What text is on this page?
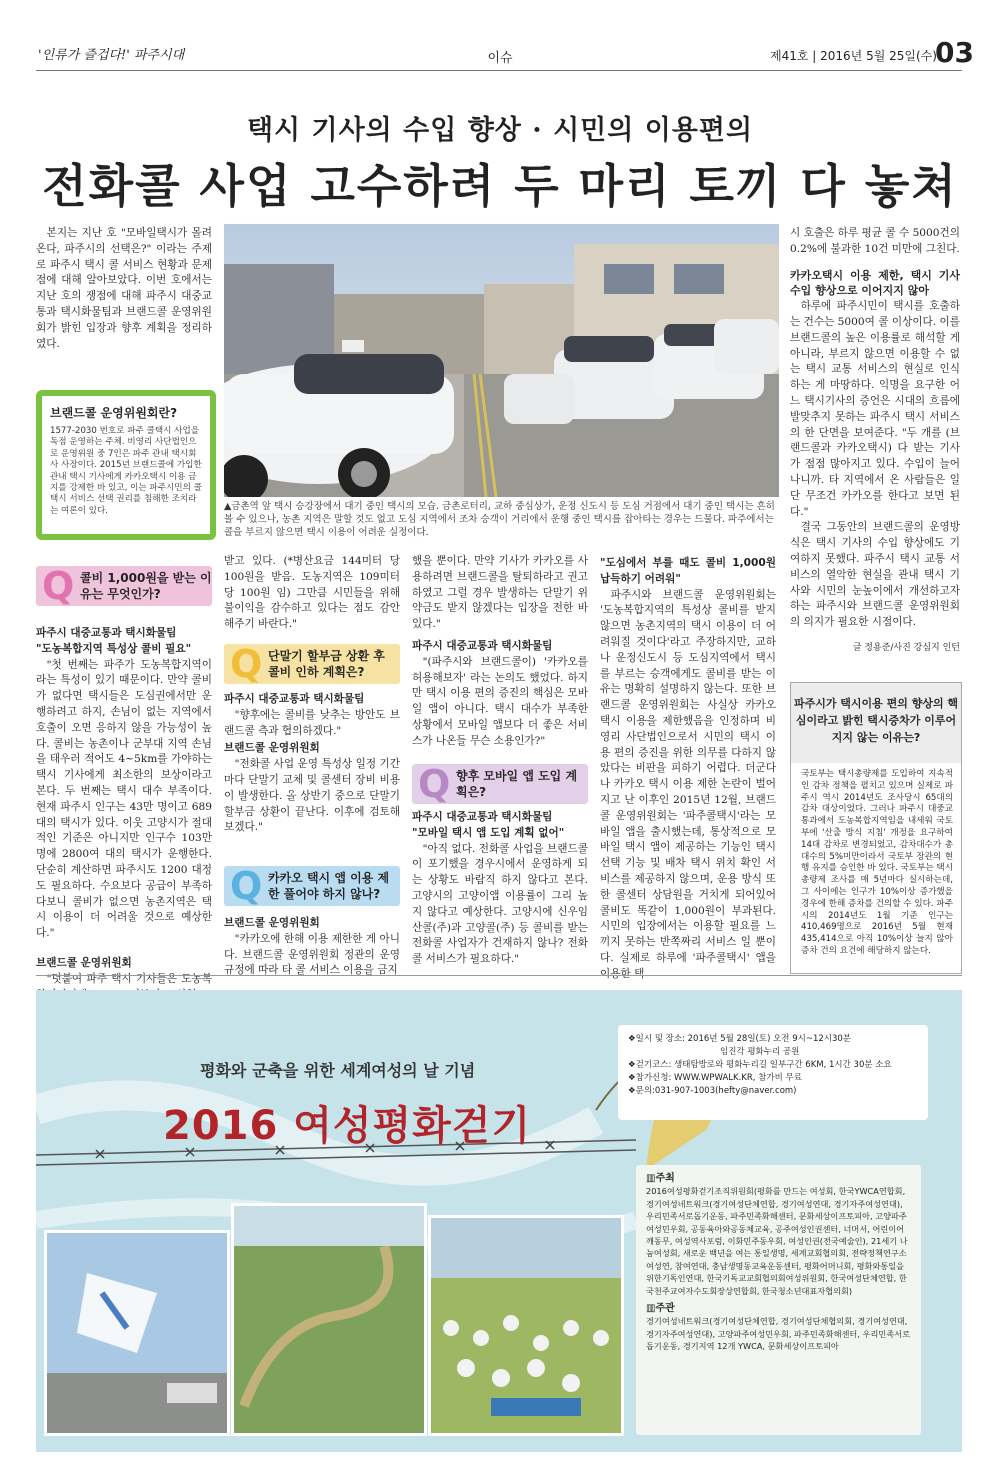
'인류가 즐겁다!' 파주시대	이슈	제41호 | 2016년 5월 25일(수)
03
택시 기사의 수입 향상 · 시민의 이용편의
전화콜 사업 고수하려 두 마리 토끼 다 놓쳐

본지는 지난 호 "모바일택시가 몰려온다, 파주시의 선택은?" 이라는 주제로 파주시 택시 콜 서비스 현황과 문제점에 대해 알아보았다. 이번 호에서는 지난 호의 쟁점에 대해 파주시 대중교통과 택시화물팀과 브랜드콜 운영위원회가 밝힌 입장과 향후 계획을 정리하였다.

▲금촌역 앞 택시 승강장에서 대기 중인 택시의 모습. 금촌로터리, 교하 중심상가, 운정 신도시 등 도심 거점에서 대기 중인 택시는 흔히 볼 수 있으나, 농촌 지역은 말할 것도 없고 도심 지역에서 조차 승객이 거리에서 운행 중인 택시를 잡아타는 경우는 드물다. 파주에서는 콜을 부르지 않으면 택시 이용이 어려운 실정이다.
브랜드콜 운영위원회란?
1577-2030 번호로 파주 콜택시 사업을 독점 운영하는 주체. 비영리 사단법인으로 운영위원 중 7인은 파주 관내 택시회사 사장이다. 2015년 브랜드콜에 가입한 관내 택시 기사에게 카카오택시 이용 금지를 강제한 바 있고, 이는 파주시민의 콜택시 서비스 선택 권리를 침해한 조치라는 여론이 있다.
Q 콜비 1,000원을 받는 이유는 무엇인가?
파주시 대중교통과 택시화물팀
"도농복합지역 특성상 콜비 필요"

"첫 번째는 파주가 도농복합지역이라는 특성이 있기 때문이다. 만약 콜비가 없다면 택시들은 도심권에서만 운행하려고 하지, 손님이 없는 지역에서 호출이 오면 응하지 않을 가능성이 높다. 콜비는 농촌이나 군부대 지역 손님을 태우러 적어도 4~5km를 가야하는 택시 기사에게 최소한의 보상이라고 본다. 두 번째는 택시 대수 부족이다. 현재 파주시 인구는 43만 명이고 689대의 택시가 있다. 이웃 고양시가 절대적인 기준은 아니지만 인구수 103만 명에 2800여 대의 택시가 운행한다. 단순히 계산하면 파주시도 1200 대정도 필요하다. 수요보다 공급이 부족하다보니 콜비가 없으면 농촌지역은 택시 이용이 더 어려울 것으로 예상한다."

브랜드콜 운영위원회

"덧붙여 파주 택시 기사들은 도농복

받고 있다. (*병산요금 144미터 당 100원을 받음. 도농지역은 109미터 당 100원 임) 그만큼 시민들을 위해 불이익을 감수하고 있다는 점도 감안해주기 바란다."

Q 단말기 할부금 상환 후 콜비 인하 계획은?
파주시 대중교통과 택시화물팀

"향후에는 콜비를 낮추는 방안도 브랜드콜 측과 협의하겠다."

브랜드콜 운영위원회

"전화콜 사업 운영 특성상 일정 기간마다 단말기 교체 및 콜센터 장비 비용이 발생한다. 올 상반기 중으로 단말기 할부금 상환이 끝난다. 이후에 검토해 보겠다."

Q 카카오 택시 앱 이용 제한 풀어야 하지 않나?
브랜드콜 운영위원회

"카카오에 한해 이용 제한한 게 아니다. 브랜드콜 운영위원회 정관의 운영 규정에 따라 타 콜 서비스 이용을 금지

했을 뿐이다. 만약 기사가 카카오를 사용하려면 브랜드콜을 탈퇴하라고 권고하였고 그럴 경우 발생하는 단말기 위약금도 받지 않겠다는 입장을 전한 바 있다."

파주시 대중교통과 택시화물팀

"(파주시와 브랜드콜이) '카카오를 허용해보자' 라는 논의도 했었다. 하지만 택시 이용 편의 증진의 핵심은 모바일 앱이 아니다. 택시 대수가 부족한 상황에서 모바일 앱보다 더 좋은 서비스가 나온들 무슨 소용인가?"

Q 향후 모바일 앱 도입 계획은?
파주시 대중교통과 택시화물팀
"모바일 택시 앱 도입 계획 없어"

"아직 없다. 전화콜 사업을 브랜드콜이 포기했을 경우시에서 운영하게 되는 상황도 바람직 하지 않다고 본다. 고양시의 고양이앱 이용률이 그리 높지 않다고 예상한다. 고양시에 신우임산콜(주)과 고양콜(주) 등 콜비를 받는 전화콜 사업자가 건재하지 않나? 전화콜 서비스가 필요하다."

"도심에서 부를 때도 콜비 1,000원 납득하기 어려워"

파주시와 브랜드콜 운영위원회는 '도농복합지역의 특성상 콜비를 받지 않으면 농촌지역의 택시 이용이 더 어려워질 것이다'라고 주장하지만, 교하나 운정신도시 등 도심지역에서 택시를 부르는 승객에게도 콜비를 받는 이유는 명확히 설명하지 않는다. 또한 브랜드콜 운영위원회는 사실상 카카오 택시 이용을 제한했음을 인정하며 비영리 사단법인으로서 시민의 택시 이용 편의 증진을 위한 의무를 다하지 않았다는 비판을 피하기 어렵다. 더군다나 카카오 택시 이용 제한 논란이 벌어지고 난 이후인 2015년 12월, 브랜드콜 운영위원회는 '파주콜택시'라는 모바일 앱을 출시했는데, 통상적으로 모바일 택시 앱이 제공하는 기능인 택시 선택 기능 및 배차 택시 위치 확인 서비스를 제공하지 않으며, 운용 방식 또한 콜센터 상담원을 거치게 되어있어 콜비도 똑같이 1,000원이 부과된다. 시민의 입장에서는 이용할 필요를 느끼지 못하는 반쪽짜리 서비스 일 뿐이다. 실제로 하루에 '파주콜택시' 앱을 이용한 택

시 호출은 하루 평균 콜 수 5000건의 0.2%에 불과한 10건 미만에 그친다.

카카오택시 이용 제한, 택시 기사 수입 향상으로 이어지지 않아

하루에 파주시민이 택시를 호출하는 건수는 5000여 콜 이상이다. 이를 브랜드콜의 높은 이용률로 해석할 게 아니라, 부르지 않으면 이용할 수 없는 택시 교통 서비스의 현실로 인식하는 게 마땅하다. 익명을 요구한 어느 택시기사의 증언은 시대의 흐름에 발맞추지 못하는 파주시 택시 서비스의 한 단면을 보여준다. "두 개를 (브랜드콜과 카카오택시) 다 받는 기사가 점점 많아지고 있다. 수입이 늘어나니까. 타 지역에서 온 사람들은 일단 무조건 카카오를 한다고 보면 된다."

결국 그동안의 브랜드콜의 운영방식은 택시 기사의 수입 향상에도 기여하지 못했다. 파주시 택시 교통 서비스의 열악한 현실을 관내 택시 기사와 시민의 눈높이에서 개선하고자 하는 파주시와 브랜드콜 운영위원회의 의지가 필요한 시점이다.

글 정용준/사진 강심지 인턴
파주시가 택시이용 편의 향상의 핵심이라고 밝힌 택시증차가 이루어지지 않는 이유는?
국토부는 택시총량제를 도입하여 지속적인 감차 정책을 펼치고 있으며 실제로 파주시 역시 2014년도 조사당시 65대의 감차 대상이었다. 그러나 파주시 대중교통과에서 도농복합지역임을 내세워 국토부에 '산출 방식 지침' 개정을 요구하여 14대 감차로 변경되었고, 감차대수가 총 대수의 5%미만이라서 국토부 장관의 현행 유지를 승인한 바 있다. 국토부는 택시 총량제 조사를 매 5년마다 실시하는데, 그 사이에는 인구가 10%이상 증가했을 경우에 한해 증차를 건의할 수 있다. 파주시의 2014년도 1월 기준 인구는 410,469명으로 2016년 5월 현재 435,414으로 아직 10%이상 늘지 않아 증차 건의 요건에 해당하지 않는다.
평화와 군축을 위한 세계여성의 날 기념
2016 여성평화걷기
❖일시 및 장소: 2016년 5월 28일(토) 오전 9시~12시30분
임진각 평화누리 공원
❖걷기코스: 생태탐방로와 평화누리길 일부구간 6KM, 1시간 30분 소요
❖참가신청: WWW.WPWALK.KR, 참가비 무료
❖문의:031-907-1003(hefty@naver.com)
▥주최
2016여성평화걷기조직위원회(평화를 만드는 여성회, 한국YWCA연합회, 경기여성네트워크(경기여성단체연합, 경기여성연대, 경기자주여성연대), 우리민족서로돕기운동, 파주민족화해센터, 문화세상이프토피아, 고양파주여성민우회, 공동육아와공동체교육, 공주여성인권센터, 너머서, 어린이어깨동무, 여성역사포럼, 이화민주동우회, 여성인권(전국예술인), 21세기 나눔여성회, 새로운 백년을 여는 통일생명, 세계교회협의회, 전략정책연구소여성연, 참여연대, 충남생명동교육운동센터, 평화어머니회, 평화와통일을위한기독인연대, 한국기독교교회협의회여성위원회, 한국여성단체연합, 한국천주교여자수도회장상연합회, 한국청소년대표자협의회)
▥주관
경기여성네트워크(경기여성단체연합, 경기여성단체협의회, 경기여성연대, 경기자주여성연대), 고양파주여성민우회, 파주민족화해센터, 우리민족서로돕기운동, 경기지역 12개 YWCA, 문화세상이프토피아
